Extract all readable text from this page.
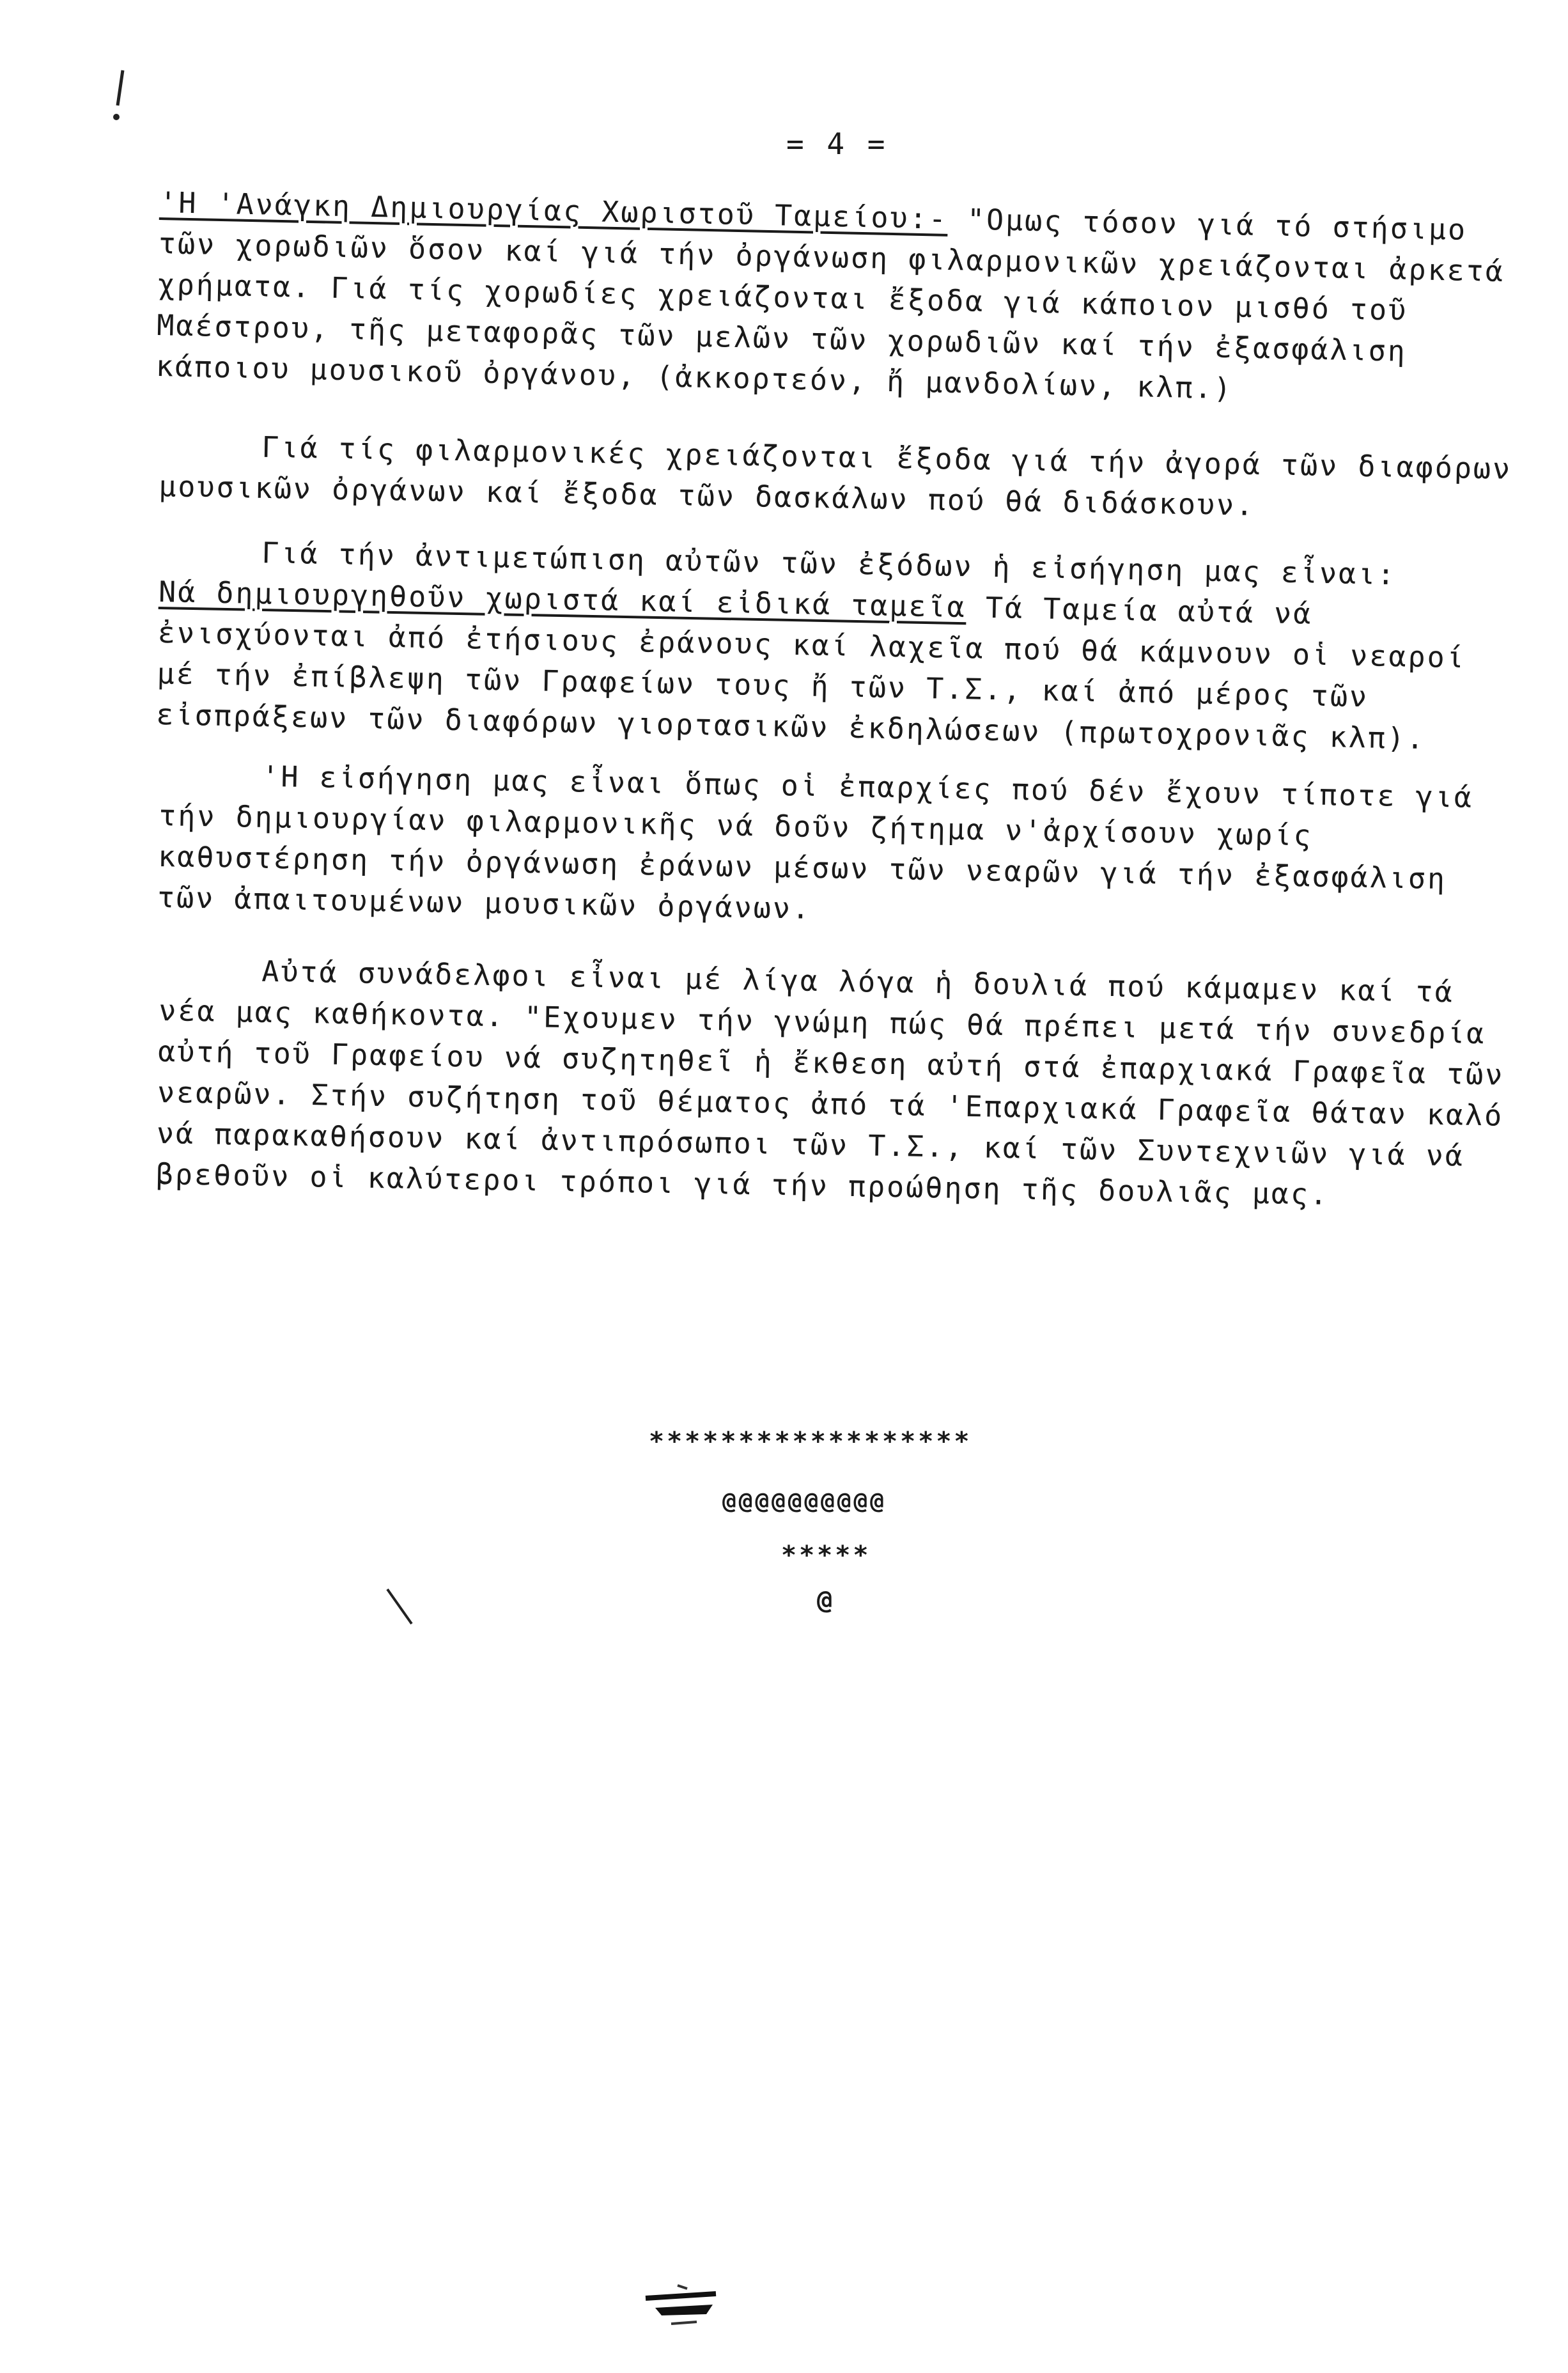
= 4 =

'Η 'Ανάγκη Δημιουργίας Χωριστοῦ Ταμείου:- "Ομως τόσον γιά τό στήσιμο τῶν χορωδιῶν ὅσον καί γιά τήν ὀργάνωση φιλαρμονικῶν χρειάζονται ἀρκετά χρήματα. Γιά τίς χορωδίες χρειάζονται ἔξοδα γιά κάποιον μισθό τοῦ Μαέστρου, τῆς μεταφορᾶς τῶν μελῶν τῶν χορωδιῶν καί τήν ἐξασφάλιση κάποιου μουσικοῦ ὀργάνου, (ἀκκορτεόν, ἤ μανδολίων, κλπ.)

Γιά τίς φιλαρμονικές χρειάζονται ἔξοδα γιά τήν ἀγορά τῶν διαφόρων μουσικῶν ὀργάνων καί ἔξοδα τῶν δασκάλων πού θά διδάσκουν.

Γιά τήν ἀντιμετώπιση αὐτῶν τῶν ἐξόδων ἡ εἰσήγηση μας εἶναι:

Νά δημιουργηθοῦν χωριστά καί εἰδικά ταμεῖα Τά Ταμεία αὐτά νά ἐνισχύονται ἀπό ἐτήσιους ἐράνους καί λαχεῖα πού θά κάμνουν οἱ νεαροί μέ τήν ἐπίβλεψη τῶν Γραφείων τους ἤ τῶν Τ.Σ., καί ἀπό μέρος τῶν εἰσπράξεων τῶν διαφόρων γιορτασικῶν ἐκδηλώσεων (πρωτοχρονιᾶς κλπ).

'Η εἰσήγηση μας εἶναι ὅπως οἱ ἐπαρχίες πού δέν ἔχουν τίποτε γιά τήν δημιουργίαν φιλαρμονικῆς νά δοῦν ζήτημα ν'ἀρχίσουν χωρίς καθυστέρηση τήν ὀργάνωση ἐράνων μέσων τῶν νεαρῶν γιά τήν ἐξασφάλιση τῶν ἀπαιτουμένων μουσικῶν ὀργάνων.

Αὐτά συνάδελφοι εἶναι μέ λίγα λόγα ἡ δουλιά πού κάμαμεν καί τά νέα μας καθήκοντα. "Εχουμεν τήν γνώμη πώς θά πρέπει μετά τήν συνεδρία αὐτή τοῦ Γραφείου νά συζητηθεῖ ἡ ἔκθεση αὐτή στά ἐπαρχιακά Γραφεῖα τῶν νεαρῶν. Στήν συζήτηση τοῦ θέματος ἀπό τά 'Επαρχιακά Γραφεῖα θάταν καλό νά παρακαθήσουν καί ἀντιπρόσωποι τῶν Τ.Σ., καί τῶν Συντεχνιῶν γιά νά βρεθοῦν οἱ καλύτεροι τρόποι γιά τήν προώθηση τῆς δουλιᾶς μας.

******************
@@@@@@@@@@
*****
@
